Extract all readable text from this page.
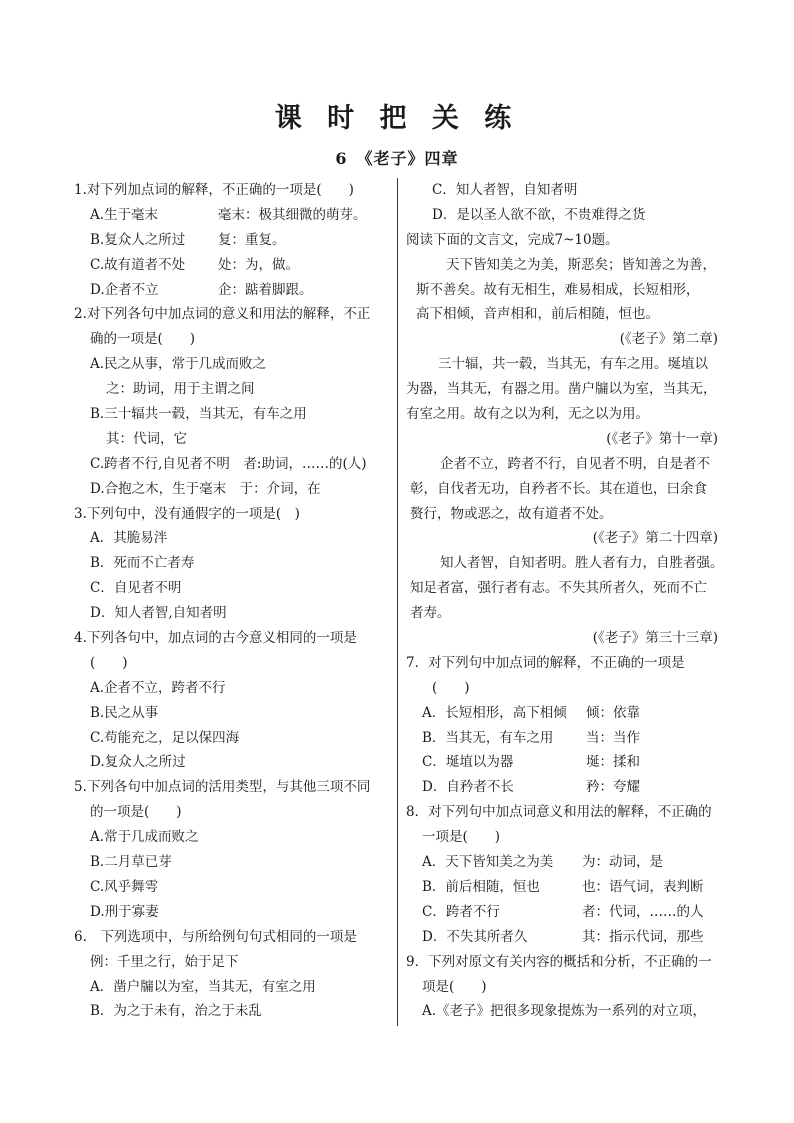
课 时 把 关 练
6　《老子》四章
1.对下列加点词的解释，不正确的一项是(　　)
A.生于毫末	毫末：极其细微的萌芽。
B.复众人之所过 复：重复。
C.故有道者不处 处：为，做。
D.企者不立	企：踮着脚跟。
2.对下列各句中加点词的意义和用法的解释，不正
确的一项是(　　)
A.民之从事，常于几成而败之
之：助词，用于主谓之间
B.三十辐共一毂，当其无，有车之用
其：代词，它
C.跨者不行,自见者不明　者:助词，……的(人)
D.合抱之木，生于毫末　于：介词，在
3.下列句中，没有通假字的一项是(　)
A．其脆易泮
B．死而不亡者寿
C．自见者不明
D．知人者智,自知者明
4.下列各句中，加点词的古今意义相同的一项是
(　　)
A.企者不立，跨者不行
B.民之从事
C.苟能充之，足以保四海
D.复众人之所过
5.下列各句中加点词的活用类型，与其他三项不同
的一项是(　　)
A.常于几成而败之
B.二月草已芽
C.风乎舞雩
D.刑于寡妻
6.　下列选项中，与所给例句句式相同的一项是
例：千里之行，始于足下
A．凿户牖以为室，当其无，有室之用
B．为之于未有，治之于未乱
C．知人者智，自知者明
D．是以圣人欲不欲，不贵难得之货
阅读下面的文言文，完成7~10题。
天下皆知美之为美，斯恶矣；皆知善之为善，
斯不善矣。故有无相生，难易相成，长短相形，
高下相倾，音声相和，前后相随，恒也。
(《老子》第二章)
三十辐，共一毂，当其无，有车之用。埏埴以
为器，当其无，有器之用。凿户牖以为室，当其无，
有室之用。故有之以为利，无之以为用。
(《老子》第十一章)
企者不立，跨者不行，自见者不明，自是者不
彰，自伐者无功，自矜者不长。其在道也，曰余食
赘行，物或恶之，故有道者不处。
(《老子》第二十四章)
知人者智，自知者明。胜人者有力，自胜者强。
知足者富，强行者有志。不失其所者久，死而不亡
者寿。
(《老子》第三十三章)
7．对下列句中加点词的解释，不正确的一项是
(　　)
A．长短相形，高下相倾 倾：依靠
B．当其无，有车之用 当：当作
C．埏埴以为器	埏：揉和
D．自矜者不长	矜：夸耀
8．对下列句中加点词意义和用法的解释，不正确的
一项是(　　)
A．天下皆知美之为美 为：动词，是
B．前后相随，恒也	也：语气词，表判断
C．跨者不行	者：代词，……的人
D．不失其所者久	其：指示代词，那些
9．下列对原文有关内容的概括和分析，不正确的一
项是(　　)
A.《老子》把很多现象提炼为一系列的对立项，
